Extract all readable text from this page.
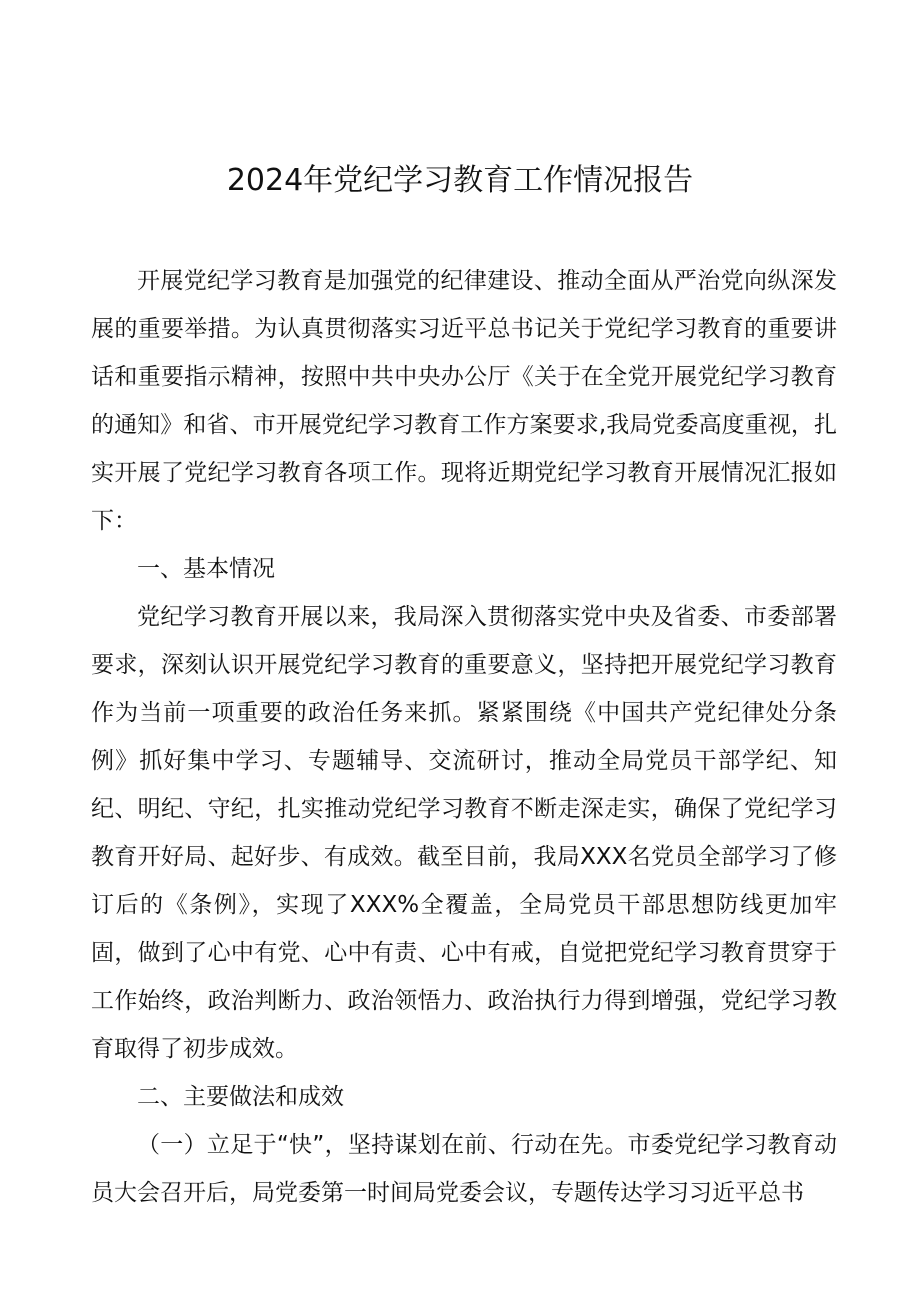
2024年党纪学习教育工作情况报告

开展党纪学习教育是加强党的纪律建设、推动全面从严治党向纵深发展的重要举措。为认真贯彻落实习近平总书记关于党纪学习教育的重要讲话和重要指示精神，按照中共中央办公厅《关于在全党开展党纪学习教育的通知》和省、市开展党纪学习教育工作方案要求,我局党委高度重视，扎实开展了党纪学习教育各项工作。现将近期党纪学习教育开展情况汇报如下：

一、基本情况

党纪学习教育开展以来，我局深入贯彻落实党中央及省委、市委部署要求，深刻认识开展党纪学习教育的重要意义，坚持把开展党纪学习教育作为当前一项重要的政治任务来抓。紧紧围绕《中国共产党纪律处分条例》抓好集中学习、专题辅导、交流研讨，推动全局党员干部学纪、知纪、明纪、守纪，扎实推动党纪学习教育不断走深走实，确保了党纪学习教育开好局、起好步、有成效。截至目前，我局XXX名党员全部学习了修订后的《条例》，实现了XXX%全覆盖，全局党员干部思想防线更加牢固，做到了心中有党、心中有责、心中有戒，自觉把党纪学习教育贯穿于工作始终，政治判断力、政治领悟力、政治执行力得到增强，党纪学习教育取得了初步成效。

二、主要做法和成效

（一）立足于“快”，坚持谋划在前、行动在先。市委党纪学习教育动员大会召开后，局党委第一时间局党委会议，专题传达学习习近平总书
